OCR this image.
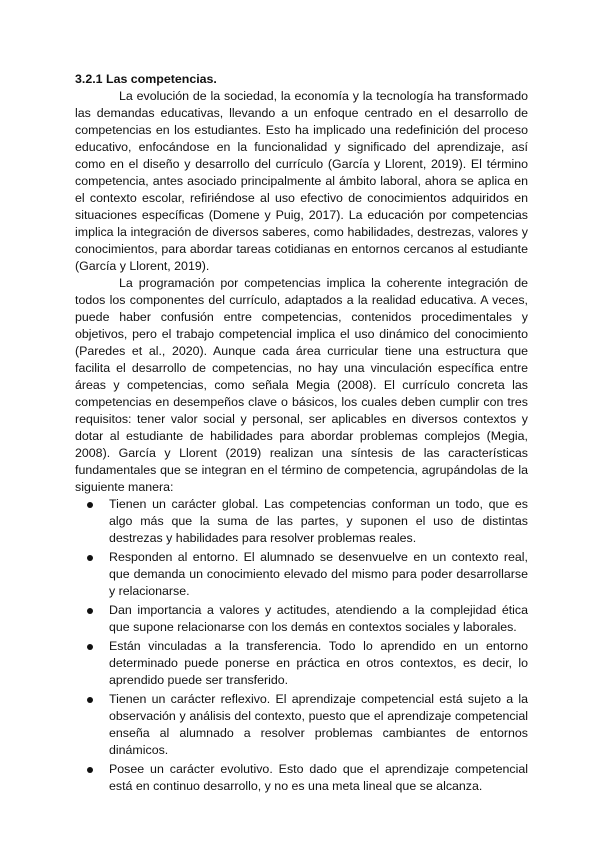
3.2.1 Las competencias.

La evolución de la sociedad, la economía y la tecnología ha transformado las demandas educativas, llevando a un enfoque centrado en el desarrollo de competencias en los estudiantes. Esto ha implicado una redefinición del proceso educativo, enfocándose en la funcionalidad y significado del aprendizaje, así como en el diseño y desarrollo del currículo (García y Llorent, 2019). El término competencia, antes asociado principalmente al ámbito laboral, ahora se aplica en el contexto escolar, refiriéndose al uso efectivo de conocimientos adquiridos en situaciones específicas (Domene y Puig, 2017). La educación por competencias implica la integración de diversos saberes, como habilidades, destrezas, valores y conocimientos, para abordar tareas cotidianas en entornos cercanos al estudiante (García y Llorent, 2019).

La programación por competencias implica la coherente integración de todos los componentes del currículo, adaptados a la realidad educativa. A veces, puede haber confusión entre competencias, contenidos procedimentales y objetivos, pero el trabajo competencial implica el uso dinámico del conocimiento (Paredes et al., 2020). Aunque cada área curricular tiene una estructura que facilita el desarrollo de competencias, no hay una vinculación específica entre áreas y competencias, como señala Megia (2008). El currículo concreta las competencias en desempeños clave o básicos, los cuales deben cumplir con tres requisitos: tener valor social y personal, ser aplicables en diversos contextos y dotar al estudiante de habilidades para abordar problemas complejos (Megia, 2008). García y Llorent (2019) realizan una síntesis de las características fundamentales que se integran en el término de competencia, agrupándolas de la siguiente manera:

Tienen un carácter global. Las competencias conforman un todo, que es algo más que la suma de las partes, y suponen el uso de distintas destrezas y habilidades para resolver problemas reales.
Responden al entorno. El alumnado se desenvuelve en un contexto real, que demanda un conocimiento elevado del mismo para poder desarrollarse y relacionarse.
Dan importancia a valores y actitudes, atendiendo a la complejidad ética que supone relacionarse con los demás en contextos sociales y laborales.
Están vinculadas a la transferencia. Todo lo aprendido en un entorno determinado puede ponerse en práctica en otros contextos, es decir, lo aprendido puede ser transferido.
Tienen un carácter reflexivo. El aprendizaje competencial está sujeto a la observación y análisis del contexto, puesto que el aprendizaje competencial enseña al alumnado a resolver problemas cambiantes de entornos dinámicos.
Posee un carácter evolutivo. Esto dado que el aprendizaje competencial está en continuo desarrollo, y no es una meta lineal que se alcanza.
